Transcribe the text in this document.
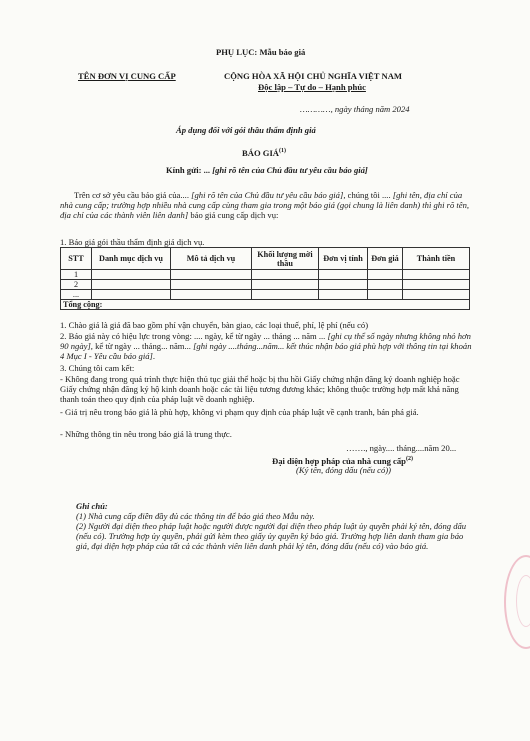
PHỤ LỤC: Mẫu báo giá
TÊN ĐƠN VỊ CUNG CẤP	CỘNG HÒA XÃ HỘI CHỦ NGHĨA VIỆT NAM
Độc lập – Tự do – Hạnh phúc
…………, ngày tháng năm 2024
Áp dụng đối với gói thầu thẩm định giá
BÁO GIÁ$^{(1)}$
Kính gửi: ... [ghi rõ tên của Chủ đầu tư yêu cầu báo giá]
Trên cơ sở yêu cầu báo giá của.... [ghi rõ tên của Chủ đầu tư yêu cầu báo giá], chúng tôi .... [ghi tên, địa chỉ của nhà cung cấp; trường hợp nhiều nhà cung cấp cùng tham gia trong một báo giá (gọi chung là liên danh) thì ghi rõ tên, địa chỉ của các thành viên liên danh] báo giá cung cấp dịch vụ:
1. Báo giá gói thầu thẩm định giá dịch vụ.
STT	Danh mục dịch vụ	Mô tả dịch vụ	Khối lượng mời thầu	Đơn vị tính	Đơn giá	Thành tiền
1						
2						
...						
Tổng cộng:						
1. Chào giá là giá đã bao gồm phí vận chuyển, bàn giao, các loại thuế, phí, lệ phí (nếu có)
2. Báo giá này có hiệu lực trong vòng: .... ngày, kể từ ngày ... tháng ... năm ... [ghi cụ thể số ngày nhưng không nhỏ hơn 90 ngày], kể từ ngày ... tháng... năm... [ghi ngày ....tháng...năm... kết thúc nhận báo giá phù hợp với thông tin tại khoản 4 Mục I - Yêu cầu báo giá].
3. Chúng tôi cam kết:
- Không đang trong quá trình thực hiện thủ tục giải thể hoặc bị thu hồi Giấy chứng nhận đăng ký doanh nghiệp hoặc Giấy chứng nhận đăng ký hộ kinh doanh hoặc các tài liệu tương đương khác; không thuộc trường hợp mất khả năng thanh toán theo quy định của pháp luật về doanh nghiệp.
- Giá trị nêu trong báo giá là phù hợp, không vi phạm quy định của pháp luật về cạnh tranh, bán phá giá.
- Những thông tin nêu trong báo giá là trung thực.
……., ngày.... tháng....năm 20...
Đại diện hợp pháp của nhà cung cấp$^{(2)}$
(Ký tên, đóng dấu (nếu có))
Ghi chú:
(1) Nhà cung cấp điền đầy đủ các thông tin để báo giá theo Mẫu này.
(2) Người đại diện theo pháp luật hoặc người được người đại diện theo pháp luật ủy quyền phải ký tên, đóng dấu (nếu có). Trường hợp ủy quyền, phải gửi kèm theo giấy ủy quyền ký báo giá. Trường hợp liên danh tham gia báo giá, đại diện hợp pháp của tất cả các thành viên liên danh phải ký tên, đóng dấu (nếu có) vào báo giá.
